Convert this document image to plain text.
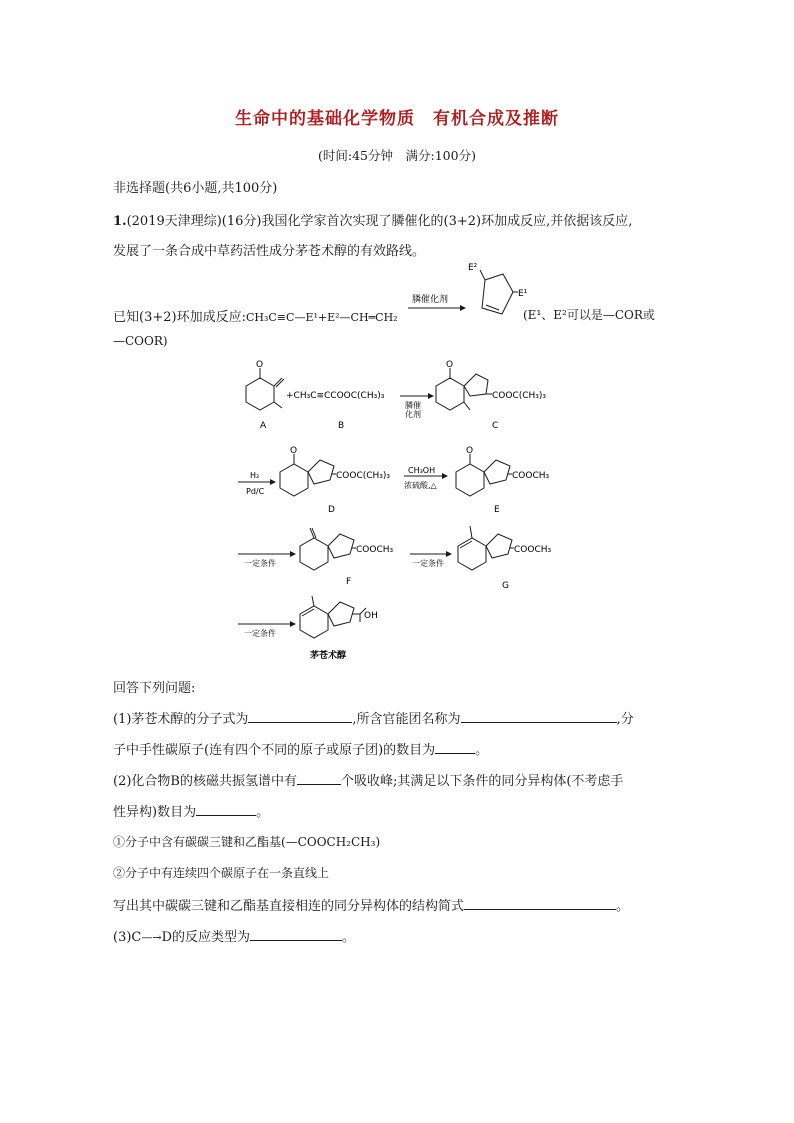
生命中的基础化学物质　有机合成及推断
(时间:45分钟　满分:100分)
非选择题(共6小题,共100分)
1.(2019天津理综)(16分)我国化学家首次实现了膦催化的(3+2)环加成反应,并依据该反应,
发展了一条合成中草药活性成分茅苍术醇的有效路线。
已知(3+2)环加成反应:CH₃C≡C—E¹+E²—CH═CH₂
膦催化剂
E²
E¹
(E¹、E²可以是—COR或
—COOR)
O
A
+CH₃C≡CCOOC(CH₃)₃
B
膦催
化剂
O
COOC(CH₃)₃
C
H₂
Pd/C
O
COOC(CH₃)₃
D
CH₃OH
浓硫酸,△
O
COOCH₃
E
一定条件
COOCH₃
F
一定条件
COOCH₃
G
一定条件
OH
茅苍术醇
回答下列问题:
(1)茅苍术醇的分子式为	,所含官能团名称为	,分
子中手性碳原子(连有四个不同的原子或原子团)的数目为	。
(2)化合物B的核磁共振氢谱中有	个吸收峰;其满足以下条件的同分异构体(不考虑手
性异构)数目为	。
①分子中含有碳碳三键和乙酯基(—COOCH₂CH₃)
②分子中有连续四个碳原子在一条直线上
写出其中碳碳三键和乙酯基直接相连的同分异构体的结构简式	。
(3)C—→D的反应类型为	。
